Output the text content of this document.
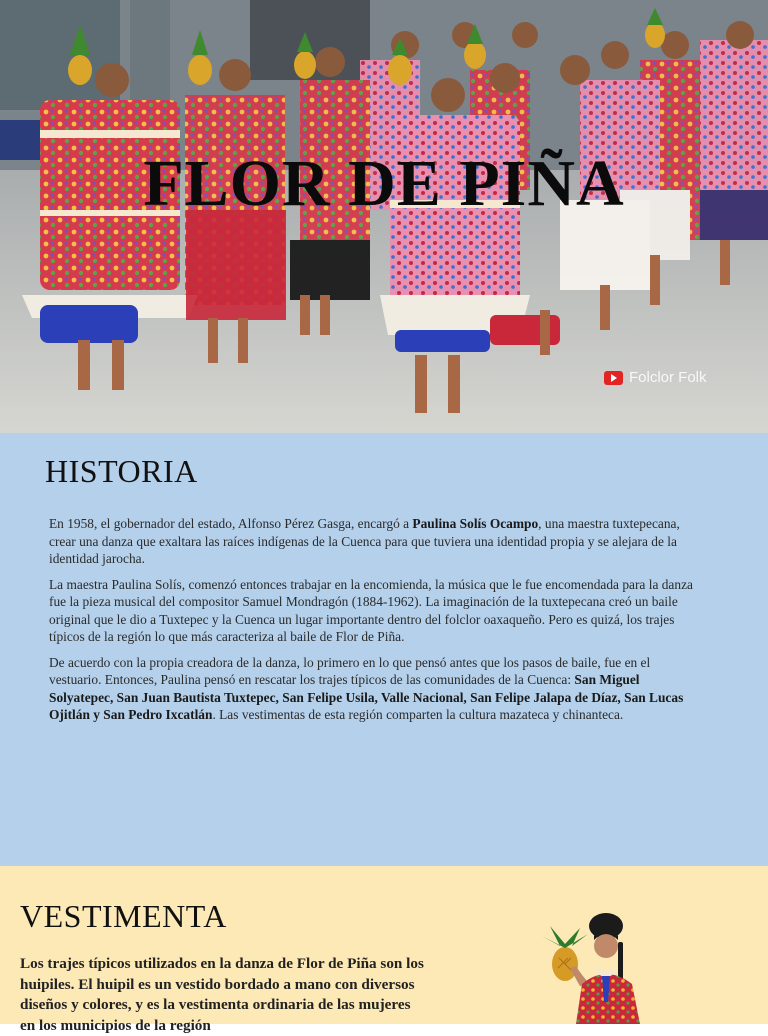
FLOR DE PIÑA
Folclor Folk
HISTORIA

En 1958, el gobernador del estado, Alfonso Pérez Gasga, encargó a Paulina Solís Ocampo, una maestra tuxtepecana, crear una danza que exaltara las raíces indígenas de la Cuenca para que tuviera una identidad propia y se alejara de la identidad jarocha.

La maestra Paulina Solís, comenzó entonces trabajar en la encomienda, la música que le fue encomendada para la danza fue la pieza musical del compositor Samuel Mondragón (1884-1962). La imaginación de la tuxtepecana creó un baile original que le dio a Tuxtepec y la Cuenca un lugar importante dentro del folclor oaxaqueño. Pero es quizá, los trajes típicos de la región lo que más caracteriza al baile de Flor de Piña.

De acuerdo con la propia creadora de la danza, lo primero en lo que pensó antes que los pasos de baile, fue en el vestuario. Entonces, Paulina pensó en rescatar los trajes típicos de las comunidades de la Cuenca: San Miguel Solyatepec, San Juan Bautista Tuxtepec, San Felipe Usila, Valle Nacional, San Felipe Jalapa de Díaz, San Lucas Ojitlán y San Pedro Ixcatlán. Las vestimentas de esta región comparten la cultura mazateca y chinanteca.

VESTIMENTA

Los trajes típicos utilizados en la danza de Flor de Piña son los huipiles. El huipil es un vestido bordado a mano con diversos diseños y colores, y es la vestimenta ordinaria de las mujeres en los municipios de la región
